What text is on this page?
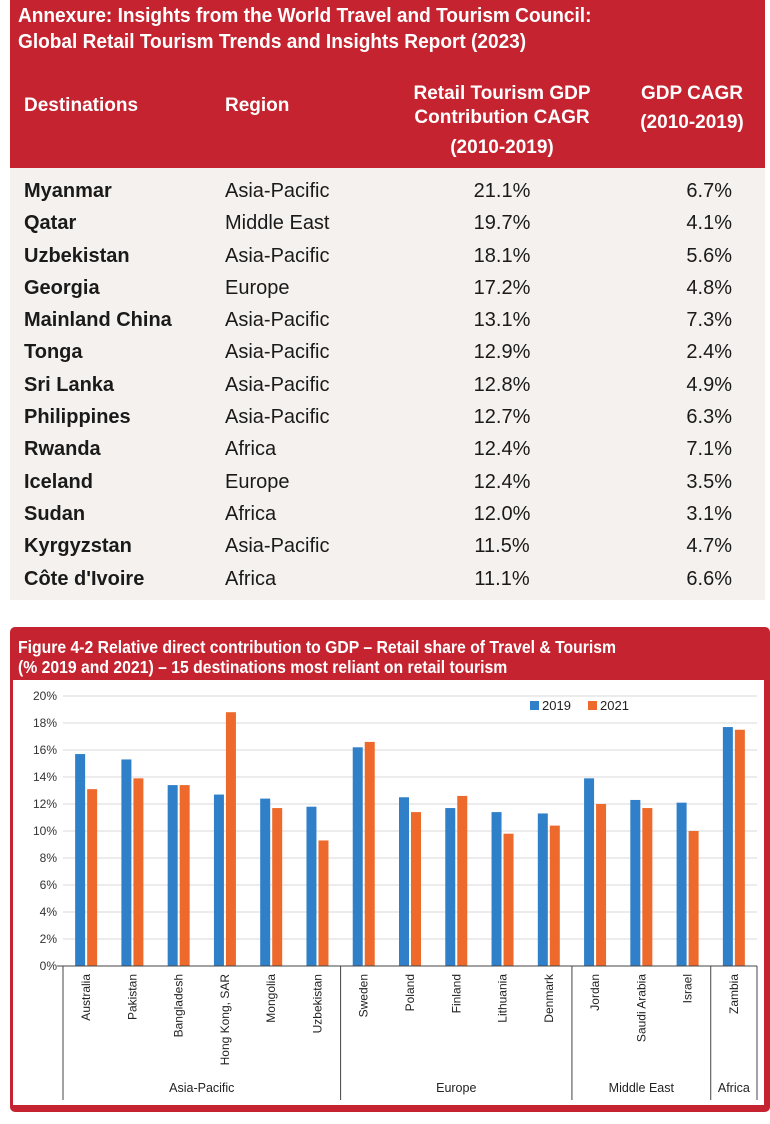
Annexure: Insights from the World Travel and Tourism Council:
Global Retail Tourism Trends and Insights Report (2023)
Destinations	Region
Retail Tourism GDP
Contribution CAGR
(2010-2019)
GDP CAGR
(2010-2019)
Myanmar	Asia-Pacific	21.1%	6.7%
Qatar	Middle East	19.7%	4.1%
Uzbekistan	Asia-Pacific	18.1%	5.6%
Georgia	Europe	17.2%	4.8%
Mainland China	Asia-Pacific	13.1%	7.3%
Tonga	Asia-Pacific	12.9%	2.4%
Sri Lanka	Asia-Pacific	12.8%	4.9%
Philippines	Asia-Pacific	12.7%	6.3%
Rwanda	Africa	12.4%	7.1%
Iceland	Europe	12.4%	3.5%
Sudan	Africa	12.0%	3.1%
Kyrgyzstan	Asia-Pacific	11.5%	4.7%
Côte d'Ivoire	Africa	11.1%	6.6%
Figure 4-2 Relative direct contribution to GDP – Retail share of Travel & Tourism
(% 2019 and 2021) – 15 destinations most reliant on retail tourism
0%
2%
4%
6%
8%
10%
12%
14%
16%
18%
20%
Australia	Pakistan	Bangladesh	Hong Kong, SAR	Mongolia	Uzbekistan	Sweden	Poland	Finland	Lithuania	Denmark	Jordan	Saudi Arabia	Israel	Zambia
Asia-Pacific	Europe	Middle East	Africa
2019 2021
